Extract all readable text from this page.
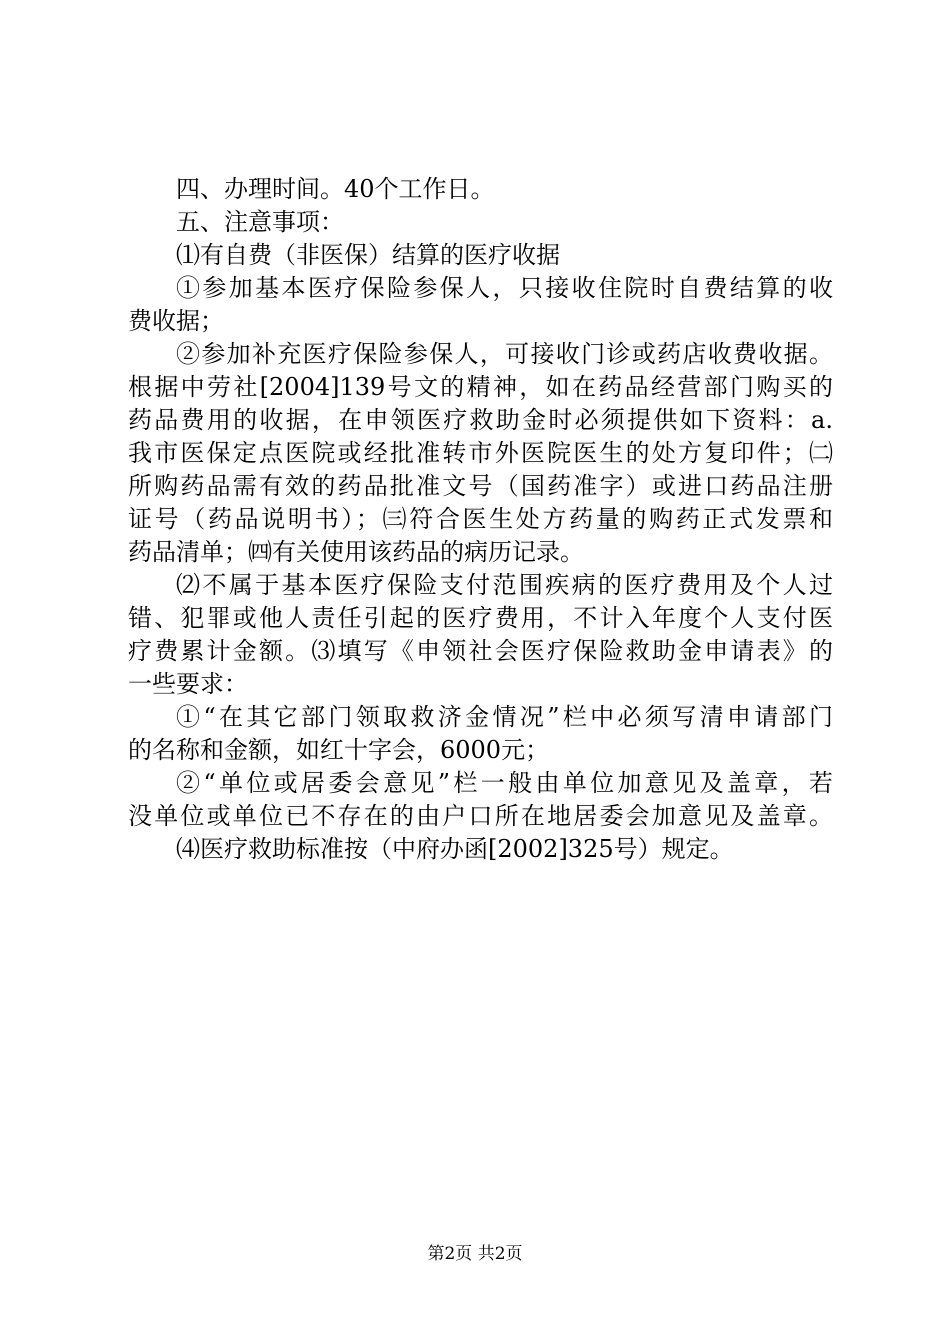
四、办理时间。40个工作日。
五、注意事项：
⑴有自费（非医保）结算的医疗收据
①参加基本医疗保险参保人，只接收住院时自费结算的收
费收据；
②参加补充医疗保险参保人，可接收门诊或药店收费收据。
根据中劳社[2004]139号文的精神，如在药品经营部门购买的
药品费用的收据，在申领医疗救助金时必须提供如下资料：a.
我市医保定点医院或经批准转市外医院医生的处方复印件；㈡
所购药品需有效的药品批准文号（国药准字）或进口药品注册
证号（药品说明书）；㈢符合医生处方药量的购药正式发票和
药品清单；㈣有关使用该药品的病历记录。
⑵不属于基本医疗保险支付范围疾病的医疗费用及个人过
错、犯罪或他人责任引起的医疗费用，不计入年度个人支付医
疗费累计金额。⑶填写《申领社会医疗保险救助金申请表》的
一些要求：
①“在其它部门领取救济金情况”栏中必须写清申请部门
的名称和金额，如红十字会，6000元；
②“单位或居委会意见”栏一般由单位加意见及盖章，若
没单位或单位已不存在的由户口所在地居委会加意见及盖章。
⑷医疗救助标准按（中府办函[2002]325号）规定。
第2页 共2页
